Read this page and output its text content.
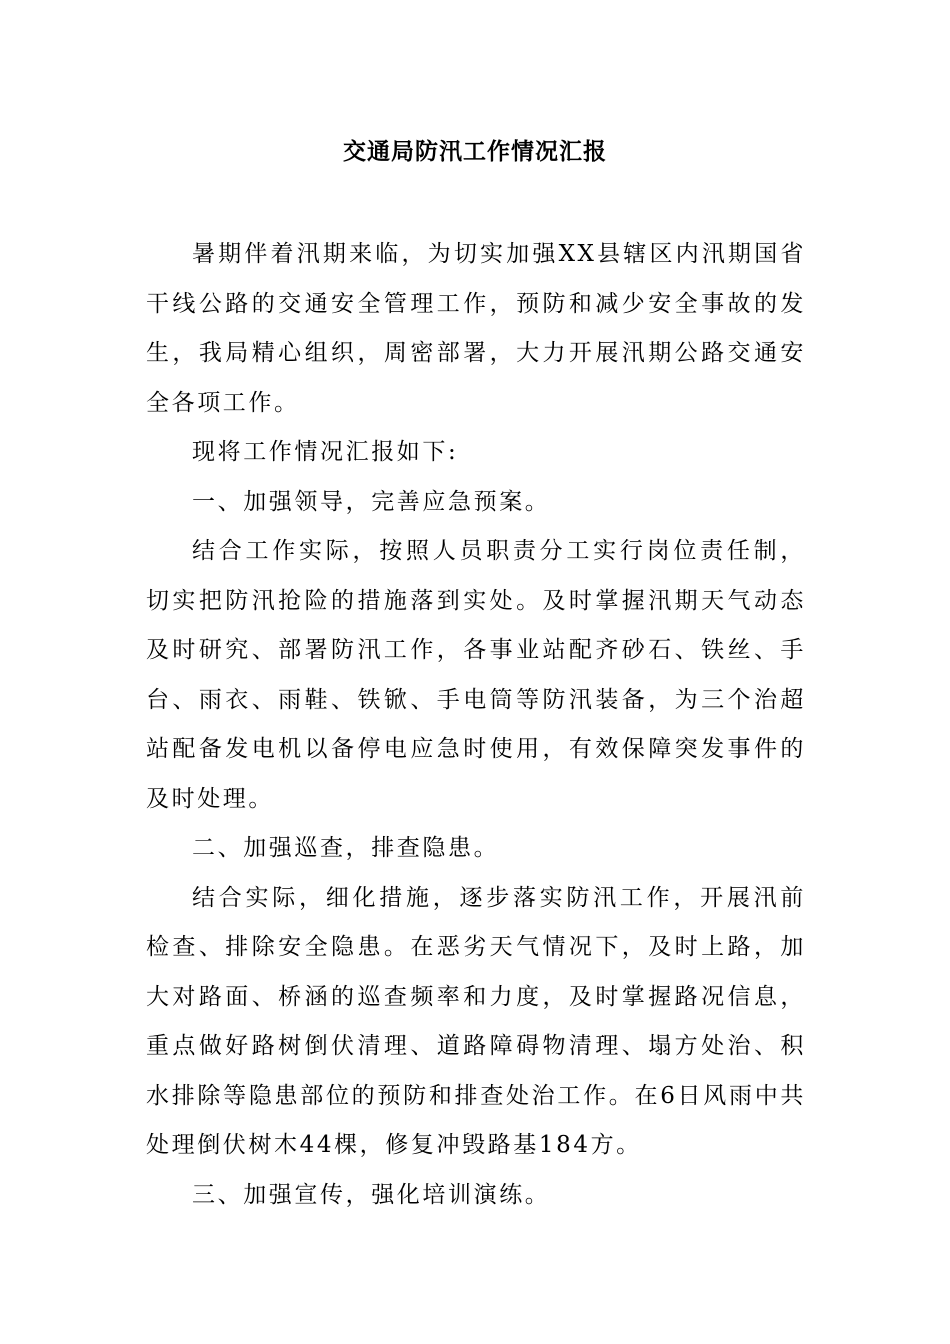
交通局防汛工作情况汇报

暑期伴着汛期来临，为切实加强XX县辖区内汛期国省干线公路的交通安全管理工作，预防和减少安全事故的发生，我局精心组织，周密部署，大力开展汛期公路交通安全各项工作。

现将工作情况汇报如下:

一、加强领导，完善应急预案。

结合工作实际，按照人员职责分工实行岗位责任制，切实把防汛抢险的措施落到实处。及时掌握汛期天气动态及时研究、部署防汛工作，各事业站配齐砂石、铁丝、手台、雨衣、雨鞋、铁锨、手电筒等防汛装备，为三个治超站配备发电机以备停电应急时使用，有效保障突发事件的及时处理。

二、加强巡查，排查隐患。

结合实际，细化措施，逐步落实防汛工作，开展汛前检查、排除安全隐患。在恶劣天气情况下，及时上路，加大对路面、桥涵的巡查频率和力度，及时掌握路况信息，重点做好路树倒伏清理、道路障碍物清理、塌方处治、积水排除等隐患部位的预防和排查处治工作。在6日风雨中共处理倒伏树木44棵，修复冲毁路基184方。

三、加强宣传，强化培训演练。
